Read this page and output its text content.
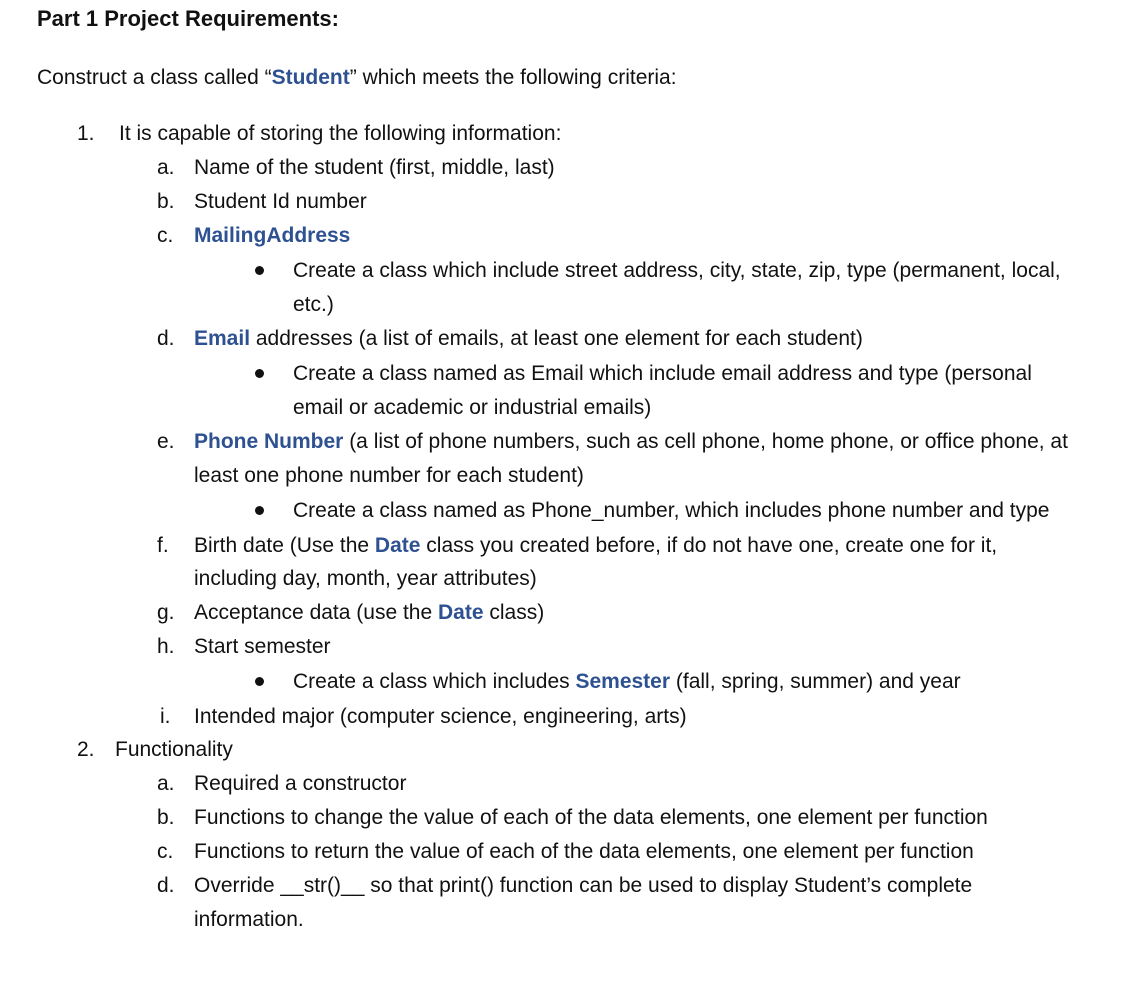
Part 1 Project Requirements:
Construct a class called “Student” which meets the following criteria:
1. It is capable of storing the following information:
a. Name of the student (first, middle, last)
b. Student Id number
c. MailingAddress
Create a class which include street address, city, state, zip, type (permanent, local,
etc.)
d. Email addresses (a list of emails, at least one element for each student)
Create a class named as Email which include email address and type (personal
email or academic or industrial emails)
e. Phone Number (a list of phone numbers, such as cell phone, home phone, or office phone, at
least one phone number for each student)
Create a class named as Phone_number, which includes phone number and type
f. Birth date (Use the Date class you created before, if do not have one, create one for it,
including day, month, year attributes)
g. Acceptance data (use the Date class)
h. Start semester
Create a class which includes Semester (fall, spring, summer) and year
i. Intended major (computer science, engineering, arts)
2. Functionality
a. Required a constructor
b. Functions to change the value of each of the data elements, one element per function
c. Functions to return the value of each of the data elements, one element per function
d. Override __str()__ so that print() function can be used to display Student’s complete
information.
